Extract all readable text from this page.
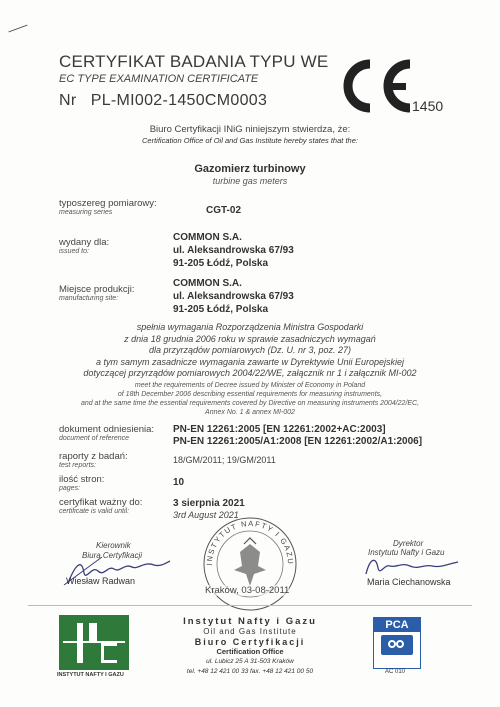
CERTYFIKAT BADANIA TYPU WE
EC TYPE EXAMINATION CERTIFICATE
Nr PL-MI002-1450CM0003	1450
Biuro Certyfikacji INiG niniejszym stwierdza, że:
Certification Office of Oil and Gas Institute hereby states that the:
Gazomierz turbinowy
turbine gas meters
typoszereg pomiarowy:
measuring series	CGT-02
wydany dla:
issued to:
COMMON S.A.
ul. Aleksandrowska 67/93
91-205 Łódź, Polska
Miejsce produkcji:
manufacturing site:
COMMON S.A.
ul. Aleksandrowska 67/93
91-205 Łódź, Polska
spełnia wymagania Rozporządzenia Ministra Gospodarki
z dnia 18 grudnia 2006 roku w sprawie zasadniczych wymagań
dla przyrządów pomiarowych (Dz. U. nr 3, poz. 27)
a tym samym zasadnicze wymagania zawarte w Dyrektywie Unii Europejskiej
dotyczącej przyrządów pomiarowych 2004/22/WE, załącznik nr 1 i załącznik MI-002
meet the requirements of Decree issued by Minister of Economy in Poland
of 18th December 2006 describing essential requirements for measuring instruments,
and at the same time the essential requirements covered by Directive on measuring instruments 2004/22/EC,
Annex No. 1 & annex MI-002
dokument odniesienia:
document of reference
PN-EN 12261:2005 [EN 12261:2002+AC:2003]
PN-EN 12261:2005/A1:2008 [EN 12261:2002/A1:2006]
raporty z badań:
test reports:
18/GM/2011; 19/GM/2011
ilość stron:
pages:
10
certyfikat ważny do:
certificate is valid until:
3 sierpnia 2021
3rd August 2021
Kierownik
Biura Certyfikacji
Wiesław Radwan
Dyrektor
Instytutu Nafty i Gazu
Maria Ciechanowska
INSTYTUT NAFTY I GAZU
Kraków, 03-08-2011
INSTYTUT NAFTY I GAZU
Instytut Nafty i Gazu
Oil and Gas Institute
Biuro Certyfikacji
Certification Office
ul. Lubicz 25 A 31-503 Kraków
tel. +48 12 421 00 33 fax. +48 12 421 00 50
PCA
AC 010
